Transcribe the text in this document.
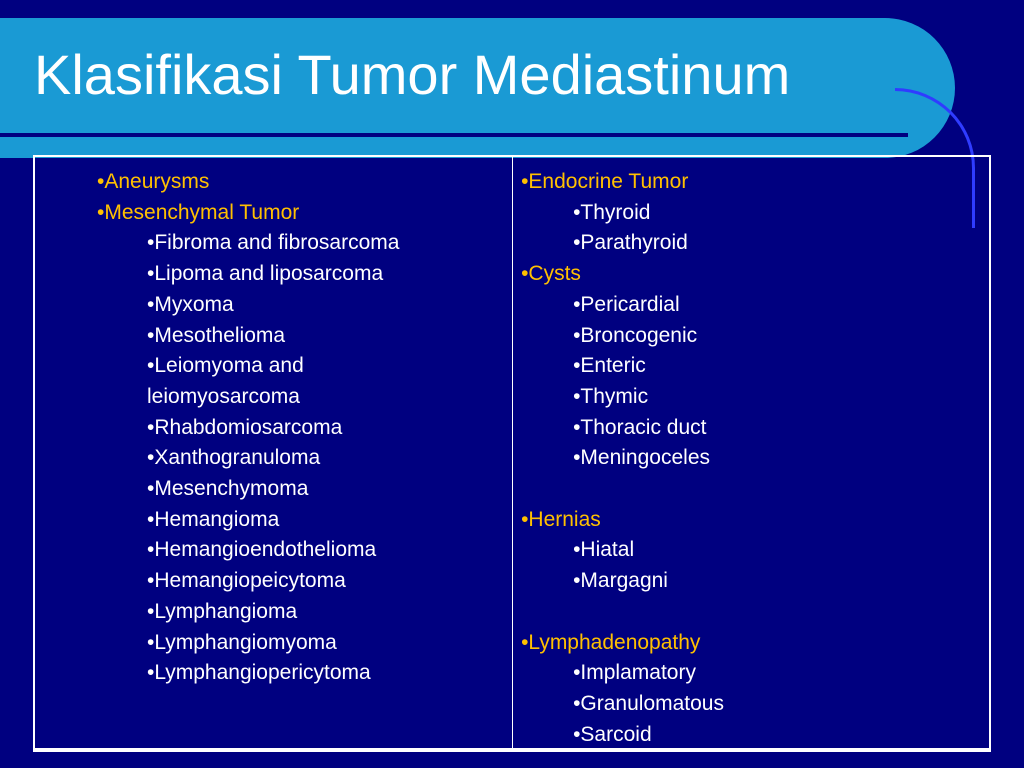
Klasifikasi Tumor Mediastinum
•Aneurysms
•Mesenchymal Tumor
•Fibroma and fibrosarcoma
•Lipoma and liposarcoma
•Myxoma
•Mesothelioma
•Leiomyoma and leiomyosarcoma
•Rhabdomiosarcoma
•Xanthogranuloma
•Mesenchymoma
•Hemangioma
•Hemangioendothelioma
•Hemangiopeicytoma
•Lymphangioma
•Lymphangiomyoma
•Lymphangiopericytoma
•Endocrine Tumor
•Thyroid
•Parathyroid
•Cysts
•Pericardial
•Broncogenic
•Enteric
•Thymic
•Thoracic duct
•Meningoceles
•Hernias
•Hiatal
•Margagni
•Lymphadenopathy
•Implamatory
•Granulomatous
•Sarcoid
